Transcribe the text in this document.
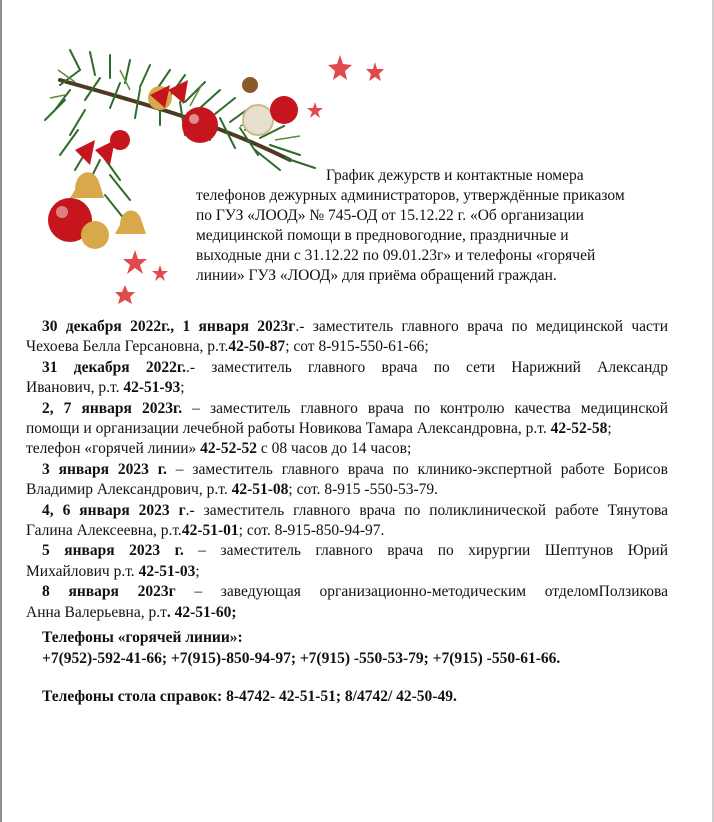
График дежурств и контактные номера
телефонов дежурных администраторов, утверждённые приказом
по ГУЗ «ЛООД» № 745-ОД от 15.12.22 г. «Об организации
медицинской помощи в предновогодние, праздничные и
выходные дни с 31.12.22 по 09.01.23г» и телефоны «горячей
линии» ГУЗ «ЛООД» для приёма обращений граждан.

30 декабря 2022г., 1 января 2023г.- заместитель главного врача по медицинской части
Чехоева Белла Герсановна, р.т.42-50-87; сот 8-915-550-61-66;

31 декабря 2022г..- заместитель главного врача по сети Нарижний Александр
Иванович, р.т. 42-51-93;

2, 7 января 2023г. – заместитель главного врача по контролю качества медицинской
помощи и организации лечебной работы Новикова Тамара Александровна, р.т. 42-52-58;
телефон «горячей линии» 42-52-52 с 08 часов до 14 часов;

3 января 2023 г. – заместитель главного врача по клинико-экспертной работе Борисов
Владимир Александрович, р.т. 42-51-08; сот. 8-915 -550-53-79.

4, 6 января 2023 г.- заместитель главного врача по поликлинической работе Тянутова
Галина Алексеевна, р.т.42-51-01; сот. 8-915-850-94-97.

5 января 2023 г. – заместитель главного врача по хирургии Шептунов Юрий
Михайлович р.т. 42-51-03;

8 января 2023г – заведующая организационно-методическим отделомПолзикова
Анна Валерьевна, р.т. 42-51-60;

Телефоны «горячей линии»:
+7(952)-592-41-66; +7(915)-850-94-97; +7(915) -550-53-79; +7(915) -550-61-66.
Телефоны стола справок: 8-4742- 42-51-51; 8/4742/ 42-50-49.
